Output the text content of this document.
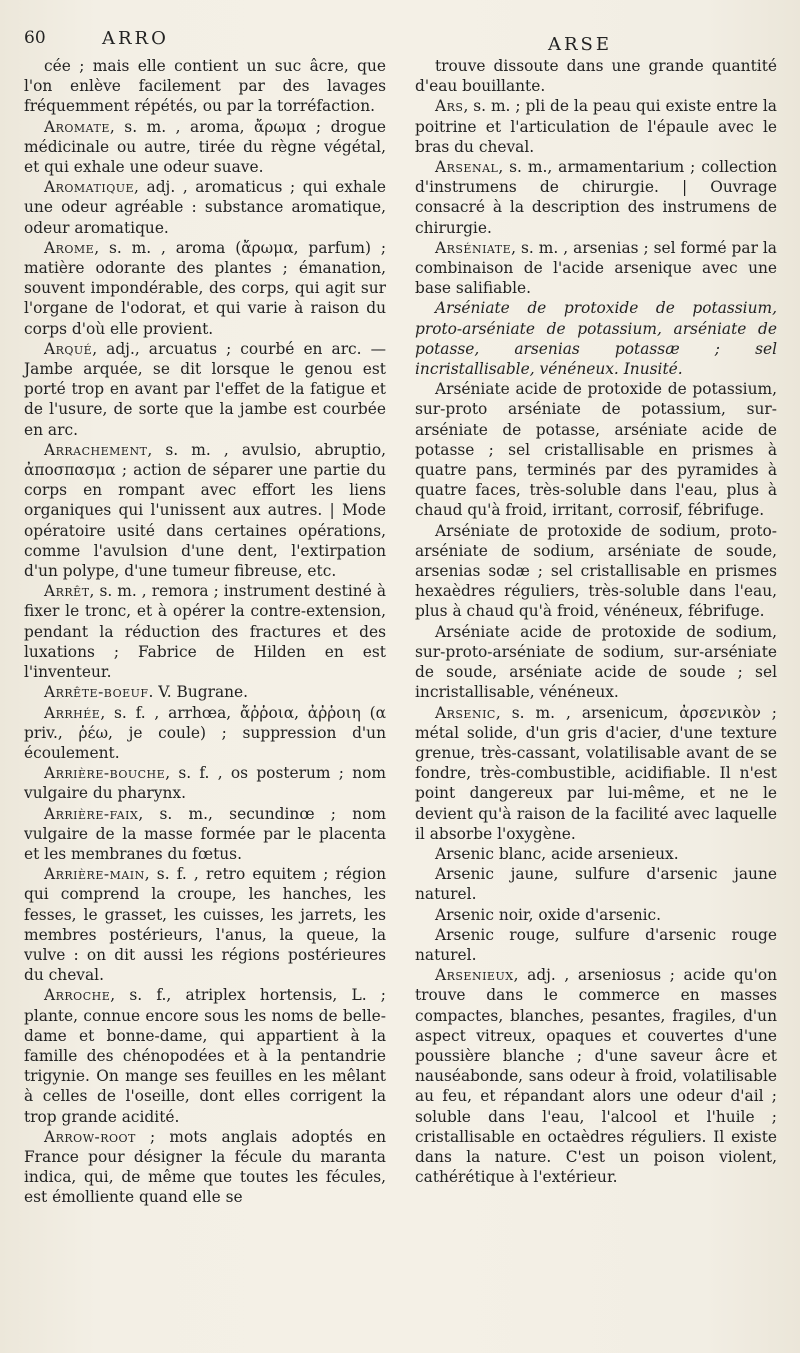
60	ARRO	ARSE

cée ; mais elle contient un suc âcre, que l'on enlève facilement par des lavages fréquemment répétés, ou par la torréfaction.

Aromate, s. m. , aroma, ἄρωμα ; drogue médicinale ou autre, tirée du règne végétal, et qui exhale une odeur suave.

Aromatique, adj. , aromaticus ; qui exhale une odeur agréable : substance aromatique, odeur aromatique.

Arome, s. m. , aroma (ἄρωμα, parfum) ; matière odorante des plantes ; émanation, souvent impondérable, des corps, qui agit sur l'organe de l'odorat, et qui varie à raison du corps d'où elle provient.

Arqué, adj., arcuatus ; courbé en arc. —Jambe arquée, se dit lorsque le genou est porté trop en avant par l'effet de la fatigue et de l'usure, de sorte que la jambe est courbée en arc.

Arrachement, s. m. , avulsio, abruptio, ἀποσπασμα ; action de séparer une partie du corps en rompant avec effort les liens organiques qui l'unissent aux autres. | Mode opératoire usité dans certaines opérations, comme l'avulsion d'une dent, l'extirpation d'un polype, d'une tumeur fibreuse, etc.

Arrêt, s. m. , remora ; instrument destiné à fixer le tronc, et à opérer la contre-extension, pendant la réduction des fractures et des luxations ; Fabrice de Hilden en est l'inventeur.

Arrête-boeuf. V. Bugrane.

Arrhée, s. f. , arrhœa, ἄῤῥοια, ἀῤῥοιη (α priv., ῥέω, je coule) ; suppression d'un écoulement.

Arrière-bouche, s. f. , os posterum ; nom vulgaire du pharynx.

Arrière-faix, s. m., secundinœ ; nom vulgaire de la masse formée par le placenta et les membranes du fœtus.

Arrière-main, s. f. , retro equitem ; région qui comprend la croupe, les hanches, les fesses, le grasset, les cuisses, les jarrets, les membres postérieurs, l'anus, la queue, la vulve : on dit aussi les régions postérieures du cheval.

Arroche, s. f., atriplex hortensis, L. ; plante, connue encore sous les noms de belle-dame et bonne-dame, qui appartient à la famille des chénopodées et à la pentandrie trigynie. On mange ses feuilles en les mêlant à celles de l'oseille, dont elles corrigent la trop grande acidité.

Arrow-root ; mots anglais adoptés en France pour désigner la fécule du maranta indica, qui, de même que toutes les fécules, est émolliente quand elle se

trouve dissoute dans une grande quantité d'eau bouillante.

Ars, s. m. ; pli de la peau qui existe entre la poitrine et l'articulation de l'épaule avec le bras du cheval.

Arsenal, s. m., armamentarium ; collection d'instrumens de chirurgie. | Ouvrage consacré à la description des instrumens de chirurgie.

Arséniate, s. m. , arsenias ; sel formé par la combinaison de l'acide arsenique avec une base salifiable.

Arséniate de protoxide de potassium, proto-arséniate de potassium, arséniate de potasse, arsenias potassæ ; sel incristallisable, vénéneux. Inusité.

Arséniate acide de protoxide de potassium, sur-proto arséniate de potassium, sur-arséniate de potasse, arséniate acide de potasse ; sel cristallisable en prismes à quatre pans, terminés par des pyramides à quatre faces, très-soluble dans l'eau, plus à chaud qu'à froid, irritant, corrosif, fébrifuge.

Arséniate de protoxide de sodium, proto-arséniate de sodium, arséniate de soude, arsenias sodæ ; sel cristallisable en prismes hexaèdres réguliers, très-soluble dans l'eau, plus à chaud qu'à froid, vénéneux, fébrifuge.

Arséniate acide de protoxide de sodium, sur-proto-arséniate de sodium, sur-arséniate de soude, arséniate acide de soude ; sel incristallisable, vénéneux.

Arsenic, s. m. , arsenicum, ἀρσενικὸν ; métal solide, d'un gris d'acier, d'une texture grenue, très-cassant, volatilisable avant de se fondre, très-combustible, acidifiable. Il n'est point dangereux par lui-même, et ne le devient qu'à raison de la facilité avec laquelle il absorbe l'oxygène.

Arsenic blanc, acide arsenieux.

Arsenic jaune, sulfure d'arsenic jaune naturel.

Arsenic noir, oxide d'arsenic.

Arsenic rouge, sulfure d'arsenic rouge naturel.

Arsenieux, adj. , arseniosus ; acide qu'on trouve dans le commerce en masses compactes, blanches, pesantes, fragiles, d'un aspect vitreux, opaques et couvertes d'une poussière blanche ; d'une saveur âcre et nauséabonde, sans odeur à froid, volatilisable au feu, et répandant alors une odeur d'ail ; soluble dans l'eau, l'alcool et l'huile ; cristallisable en octaèdres réguliers. Il existe dans la nature. C'est un poison violent, cathérétique à l'extérieur.
